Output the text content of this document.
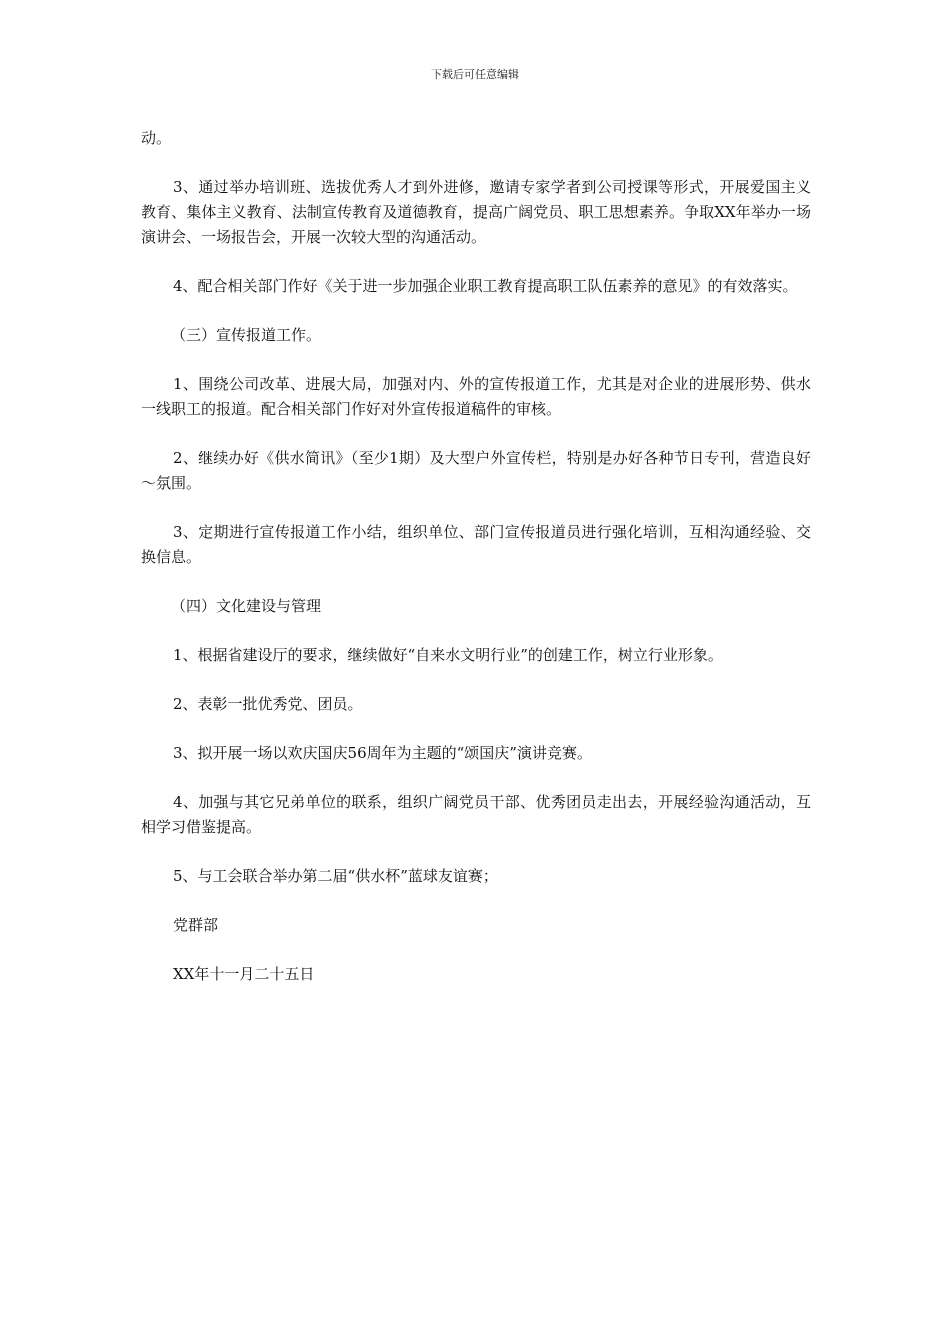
下载后可任意编辑

动。

3、通过举办培训班、选拔优秀人才到外进修，邀请专家学者到公司授课等形式，开展爱国主义教育、集体主义教育、法制宣传教育及道德教育，提高广阔党员、职工思想素养。争取XX年举办一场演讲会、一场报告会，开展一次较大型的沟通活动。

4、配合相关部门作好《关于进一步加强企业职工教育提高职工队伍素养的意见》的有效落实。

（三）宣传报道工作。

1、围绕公司改革、进展大局，加强对内、外的宣传报道工作，尤其是对企业的进展形势、供水一线职工的报道。配合相关部门作好对外宣传报道稿件的审核。

2、继续办好《供水简讯》（至少1期）及大型户外宣传栏，特别是办好各种节日专刊，营造良好～氛围。

3、定期进行宣传报道工作小结，组织单位、部门宣传报道员进行强化培训，互相沟通经验、交换信息。

（四）文化建设与管理

1、根据省建设厅的要求，继续做好“自来水文明行业”的创建工作，树立行业形象。

2、表彰一批优秀党、团员。

3、拟开展一场以欢庆国庆56周年为主题的“颂国庆”演讲竞赛。

4、加强与其它兄弟单位的联系，组织广阔党员干部、优秀团员走出去，开展经验沟通活动，互相学习借鉴提高。

5、与工会联合举办第二届“供水杯”蓝球友谊赛；

党群部

XX年十一月二十五日
